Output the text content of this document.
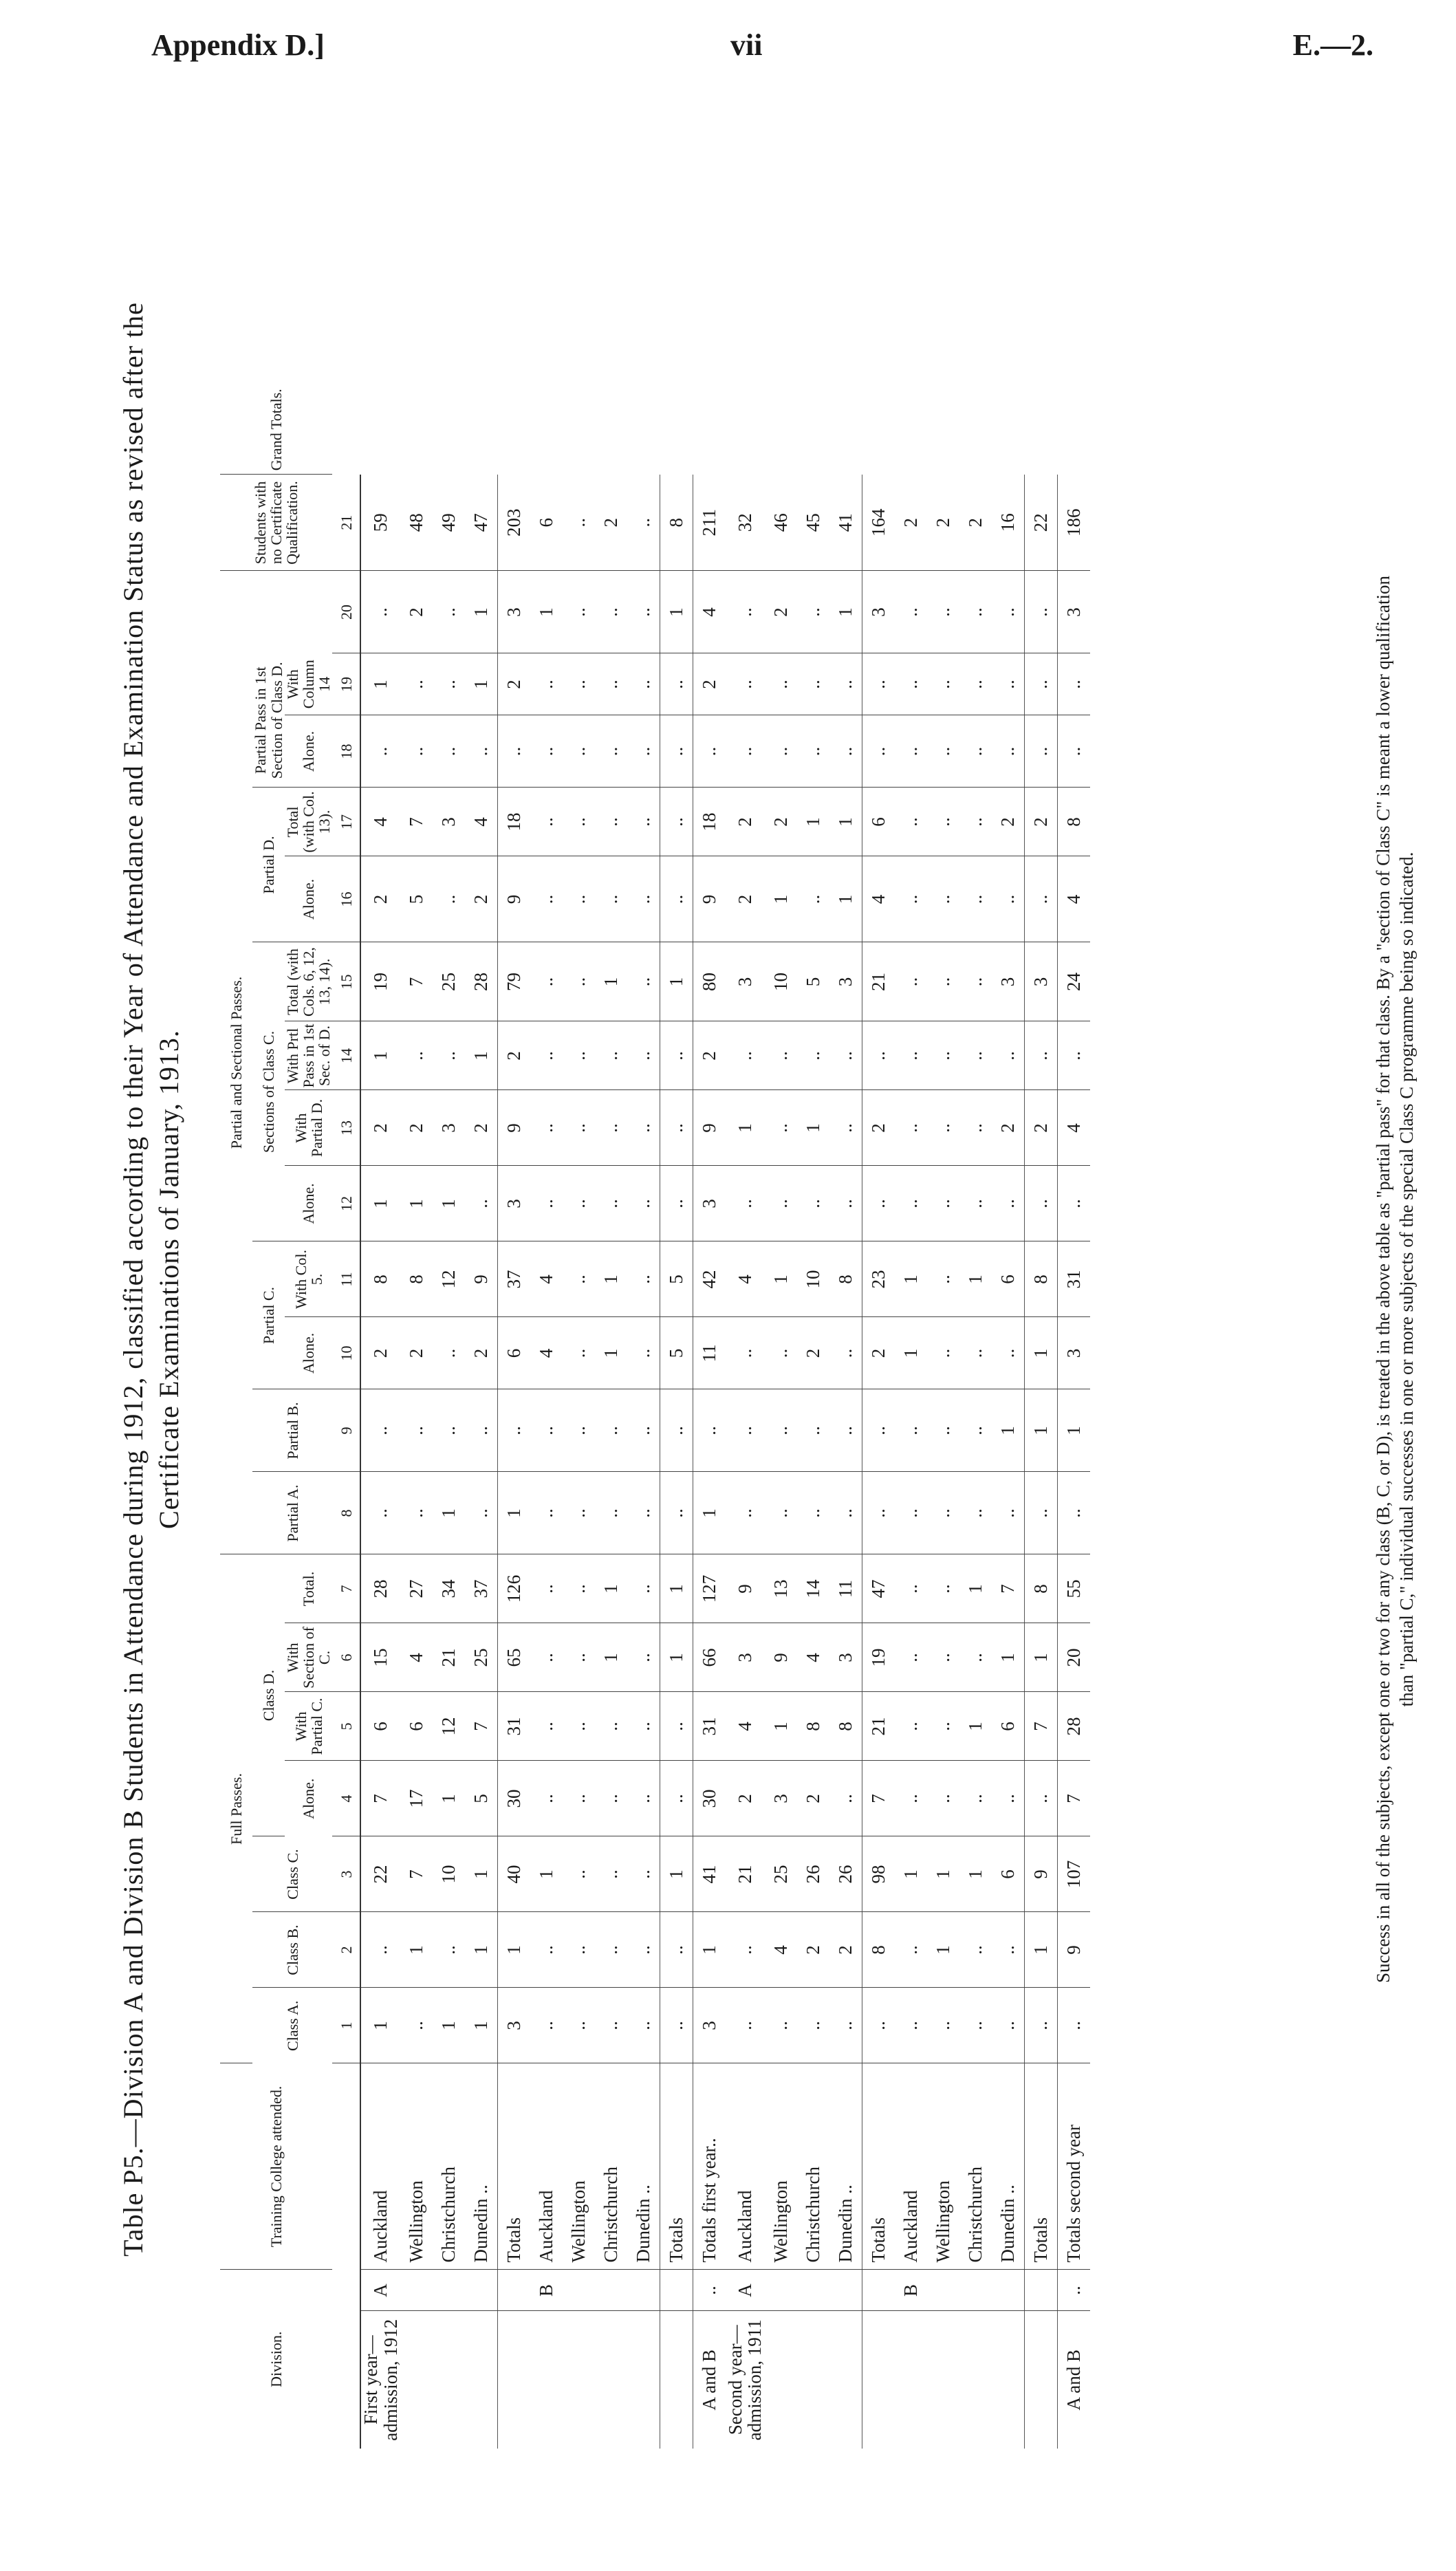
Appendix D.]	vii	E.—2.
Table P5.—Division A and Division B Students in Attendance during 1912, classified according to their Year of Attendance and Examination Status as revised after the Certificate Examinations of January, 1913.
Division.		Training College attended.	Full Passes.							Partial and Sectional Passes.													Students with no Certificate Qualification.	Grand Totals.
			Class A.	Class B.	Class C.	Class D.				Partial A.	Partial B.	Partial C.		Sections of Class C.				Partial D.		Partial Pass in 1st Section of Class D.				
						Alone.	With Partial C.	With Section of C.	Total.			Alone.	With Col. 5.	Alone.	With Partial D.	With Prtl Pass in 1st Sec. of D.	Total (with Cols. 6, 12, 13, 14).	Alone.	Total (with Col. 13).	Alone.	With Column 14			
			1	2	3	4	5	6	7	8	9	10	11	12	13	14	15	16	17	18	19	20	21	
First year—admission, 1912	A	Auckland	1	..	22	7	6	15	28	..	..	2	8	1	2	1	19	2	4	..	1	..	59	
		Wellington	..	1	7	17	6	4	27	..	..	2	8	1	2	..	7	5	7	..	..	2	48	
		Christchurch	1	..	10	1	12	21	34	1	..	..	12	1	3	..	25	..	3	..	..	..	49	
		Dunedin ..	1	1	1	5	7	25	37	..	..	2	9	..	2	1	28	2	4	..	1	1	47	
		Totals	3	1	40	30	31	65	126	1	..	6	37	3	9	2	79	9	18	..	2	3	203	
	B	Auckland	..	..	1	..	..	..	..	..	..	4	4	..	..	..	..	..	..	..	..	1	6	
		Wellington	..	..	..	..	..	..	..	..	..	..	..	..	..	..	..	..	..	..	..	..	..	
		Christchurch	..	..	..	..	..	1	1	..	..	1	1	..	..	..	1	..	..	..	..	..	2	
		Dunedin ..	..	..	..	..	..	..	..	..	..	..	..	..	..	..	..	..	..	..	..	..	..	
		Totals	..	..	1	..	..	1	1	..	..	5	5	..	..	..	1	..	..	..	..	1	8	
A and B	..	Totals first year..	3	1	41	30	31	66	127	1	..	11	42	3	9	2	80	9	18	..	2	4	211	
Second year—admission, 1911	A	Auckland	..	..	21	2	4	3	9	..	..	..	4	..	1	..	3	2	2	..	..	..	32	
		Wellington	..	4	25	3	1	9	13	..	..	..	1	..	..	..	10	1	2	..	..	2	46	
		Christchurch	..	2	26	2	8	4	14	..	..	2	10	..	1	..	5	..	1	..	..	..	45	
		Dunedin ..	..	2	26	..	8	3	11	..	..	..	8	..	..	..	3	1	1	..	..	1	41	
		Totals	..	8	98	7	21	19	47	..	..	2	23	..	2	..	21	4	6	..	..	3	164	
	B	Auckland	..	..	1	..	..	..	..	..	..	1	1	..	..	..	..	..	..	..	..	..	2	
		Wellington	..	1	1	..	..	..	..	..	..	..	..	..	..	..	..	..	..	..	..	..	2	
		Christchurch	..	..	1	..	1	..	1	..	..	..	1	..	..	..	..	..	..	..	..	..	2	
		Dunedin ..	..	..	6	..	6	1	7	..	1	..	6	..	2	..	3	..	2	..	..	..	16	
		Totals	..	1	9	..	7	1	8	..	1	1	8	..	2	..	3	..	2	..	..	..	22	
A and B	..	Totals second year	..	9	107	7	28	20	55	..	1	3	31	..	4	..	24	4	8	..	..	3	186	
Success in all of the subjects, except one or two for any class (B, C, or D), is treated in the above table as "partial pass" for that class. By a "section of Class C" is meant a lower qualification than "partial C," individual successes in one or more subjects of the special Class C programme being so indicated.
